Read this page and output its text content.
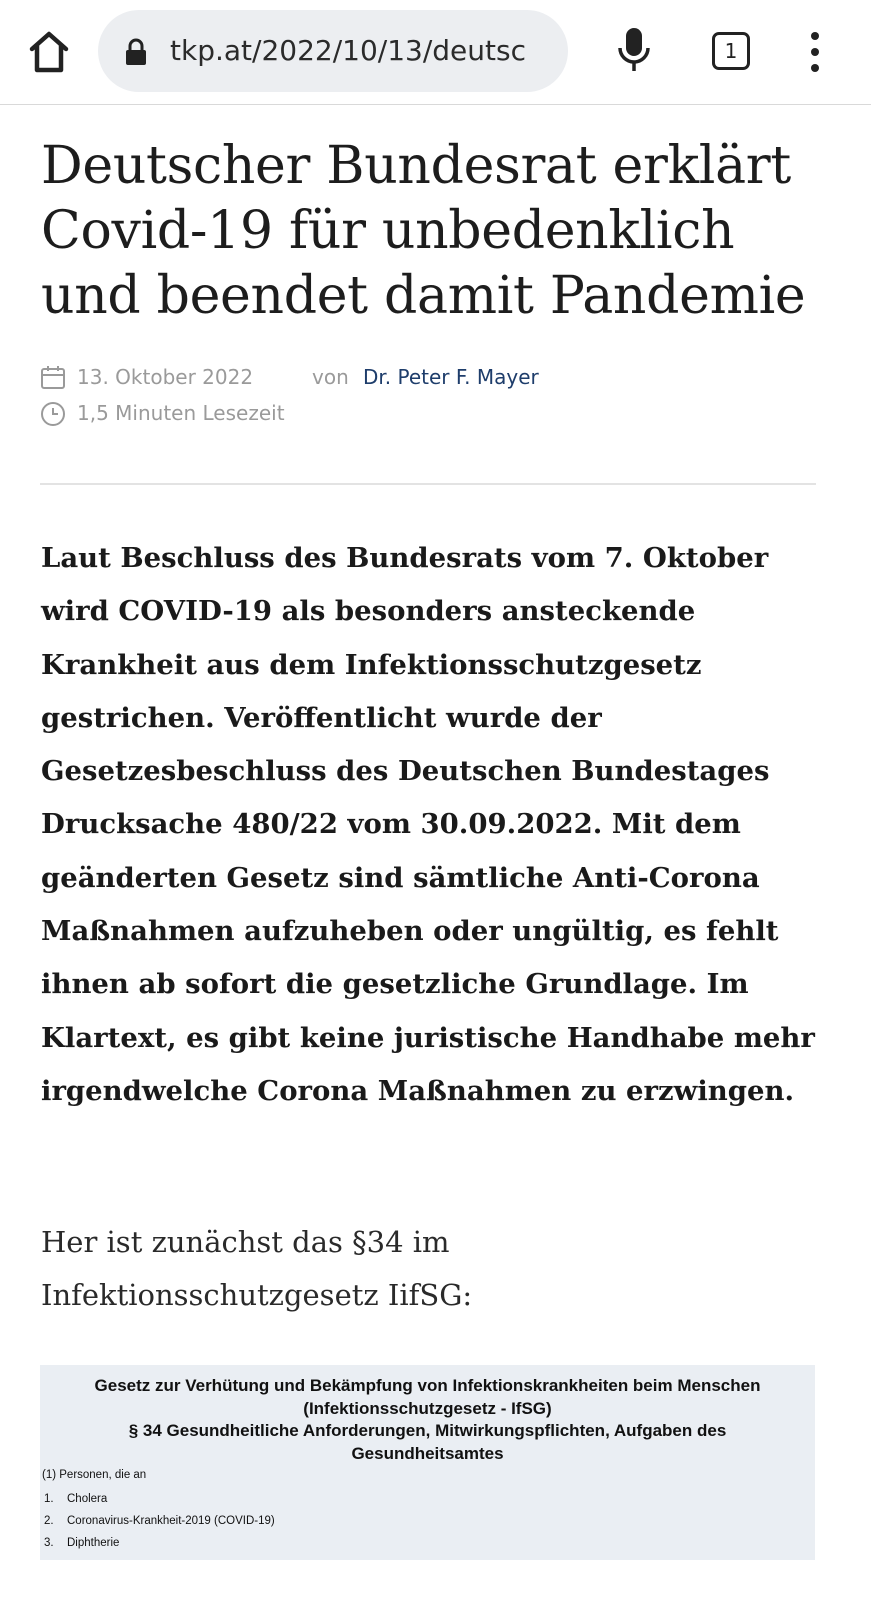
tkp.at/2022/10/13/deutsc	1
Deutscher Bundesrat erklärt Covid-19 für unbedenklich und beendet damit Pandemie
13. Oktober 2022	von Dr. Peter F. Mayer
1,5 Minuten Lesezeit

Laut Beschluss des Bundesrats vom 7. Oktober wird COVID-19 als besonders ansteckende Krankheit aus dem Infektionsschutzgesetz gestrichen. Veröffentlicht wurde der Gesetzesbeschluss des Deutschen Bundestages Drucksache 480/22 vom 30.09.2022. Mit dem geänderten Gesetz sind sämtliche Anti-Corona Maßnahmen aufzuheben oder ungültig, es fehlt ihnen ab sofort die gesetzliche Grundlage. Im Klartext, es gibt keine juristische Handhabe mehr irgendwelche Corona Maßnahmen zu erzwingen.

Her ist zunächst das §34 im Infektionsschutzgesetz IifSG:

Gesetz zur Verhütung und Bekämpfung von Infektionskrankheiten beim Menschen
(Infektionsschutzgesetz - IfSG)
§ 34 Gesundheitliche Anforderungen, Mitwirkungspflichten, Aufgaben des
Gesundheitsamtes
(1) Personen, die an
1. Cholera
2. Coronavirus-Krankheit-2019 (COVID-19)
3. Diphtherie
